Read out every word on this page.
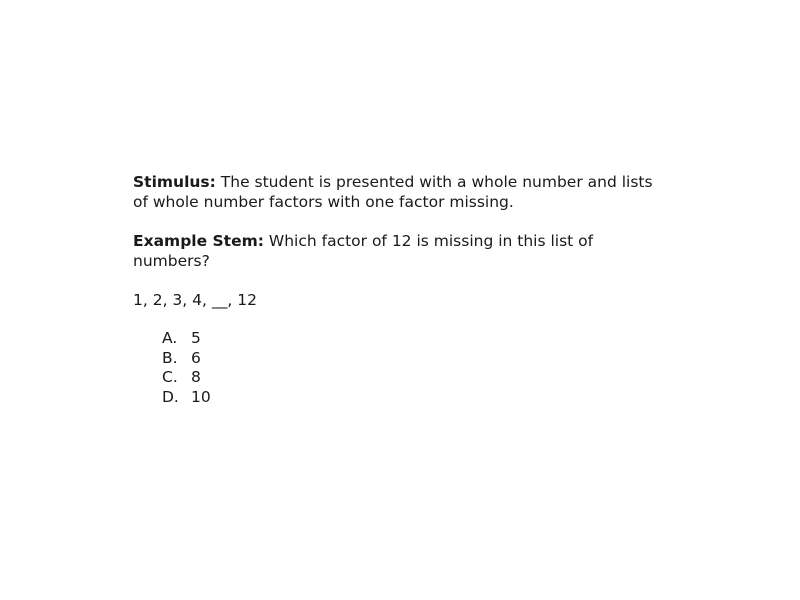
Stimulus: The student is presented with a whole number and lists of whole number factors with one factor missing.

Example Stem: Which factor of 12 is missing in this list of numbers?

1, 2, 3, 4, __, 12

A. 5
B. 6
C. 8
D. 10
